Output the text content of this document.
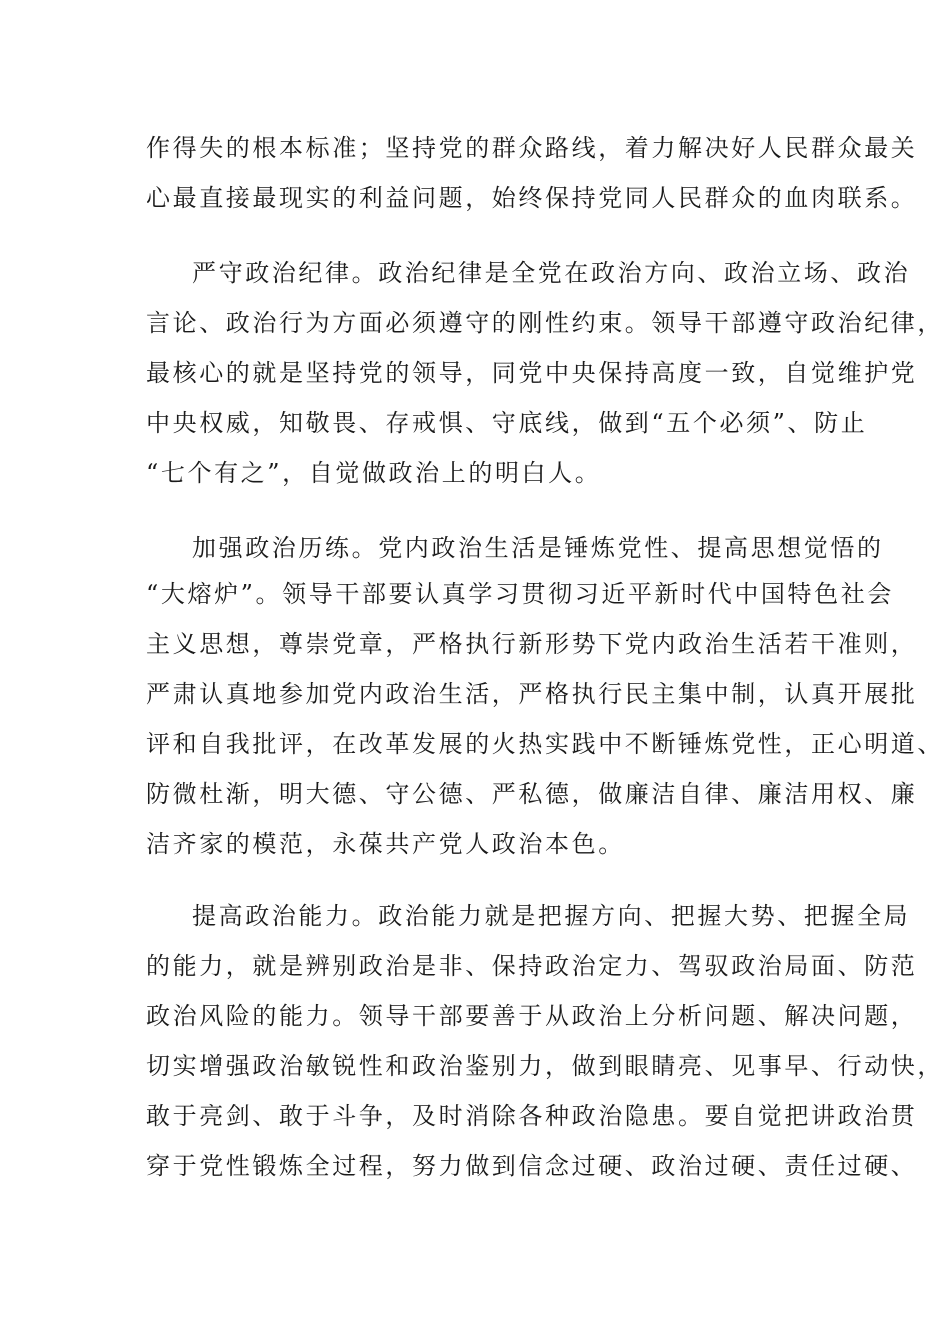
作得失的根本标准；坚持党的群众路线，着力解决好人民群众最关
心最直接最现实的利益问题，始终保持党同人民群众的血肉联系。
严守政治纪律。政治纪律是全党在政治方向、政治立场、政治
言论、政治行为方面必须遵守的刚性约束。领导干部遵守政治纪律，
最核心的就是坚持党的领导，同党中央保持高度一致，自觉维护党
中央权威，知敬畏、存戒惧、守底线，做到“五个必须”、防止
“七个有之”，自觉做政治上的明白人。
加强政治历练。党内政治生活是锤炼党性、提高思想觉悟的
“大熔炉”。领导干部要认真学习贯彻习近平新时代中国特色社会
主义思想，尊崇党章，严格执行新形势下党内政治生活若干准则，
严肃认真地参加党内政治生活，严格执行民主集中制，认真开展批
评和自我批评，在改革发展的火热实践中不断锤炼党性，正心明道、
防微杜渐，明大德、守公德、严私德，做廉洁自律、廉洁用权、廉
洁齐家的模范，永葆共产党人政治本色。
提高政治能力。政治能力就是把握方向、把握大势、把握全局
的能力，就是辨别政治是非、保持政治定力、驾驭政治局面、防范
政治风险的能力。领导干部要善于从政治上分析问题、解决问题，
切实增强政治敏锐性和政治鉴别力，做到眼睛亮、见事早、行动快，
敢于亮剑、敢于斗争，及时消除各种政治隐患。要自觉把讲政治贯
穿于党性锻炼全过程，努力做到信念过硬、政治过硬、责任过硬、
